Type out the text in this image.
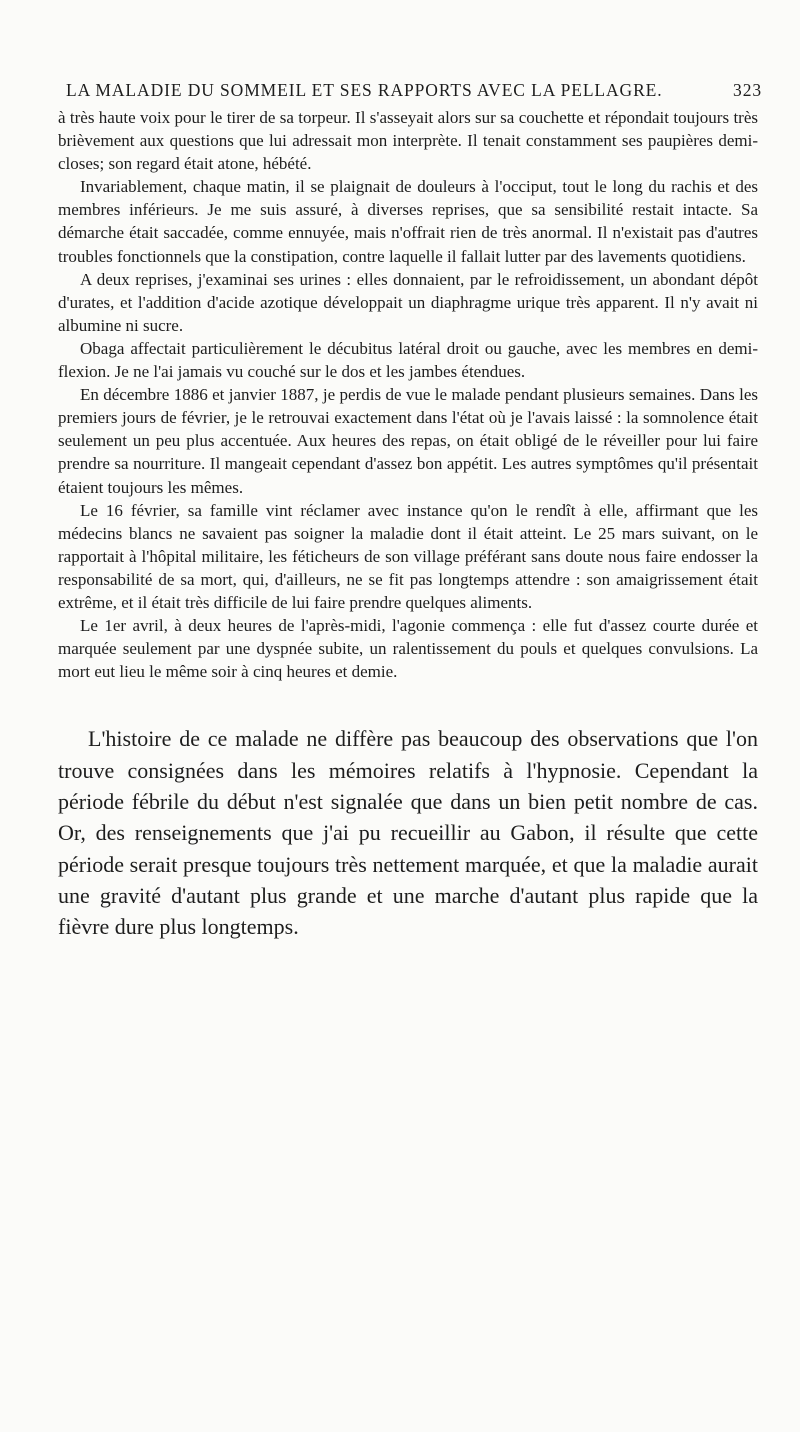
LA MALADIE DU SOMMEIL ET SES RAPPORTS AVEC LA PELLAGRE.	323

à très haute voix pour le tirer de sa torpeur. Il s'asseyait alors sur sa couchette et répondait toujours très brièvement aux questions que lui adressait mon interprète. Il tenait constamment ses paupières demi-closes; son regard était atone, hébété.

Invariablement, chaque matin, il se plaignait de douleurs à l'occiput, tout le long du rachis et des membres inférieurs. Je me suis assuré, à diverses reprises, que sa sensibilité restait intacte. Sa démarche était saccadée, comme ennuyée, mais n'offrait rien de très anormal. Il n'existait pas d'autres troubles fonctionnels que la constipation, contre laquelle il fallait lutter par des lavements quotidiens.

A deux reprises, j'examinai ses urines : elles donnaient, par le refroidissement, un abondant dépôt d'urates, et l'addition d'acide azotique développait un diaphragme urique très apparent. Il n'y avait ni albumine ni sucre.

Obaga affectait particulièrement le décubitus latéral droit ou gauche, avec les membres en demi-flexion. Je ne l'ai jamais vu couché sur le dos et les jambes étendues.

En décembre 1886 et janvier 1887, je perdis de vue le malade pendant plusieurs semaines. Dans les premiers jours de février, je le retrouvai exactement dans l'état où je l'avais laissé : la somnolence était seulement un peu plus accentuée. Aux heures des repas, on était obligé de le réveiller pour lui faire prendre sa nourriture. Il mangeait cependant d'assez bon appétit. Les autres symptômes qu'il présentait étaient toujours les mêmes.

Le 16 février, sa famille vint réclamer avec instance qu'on le rendît à elle, affirmant que les médecins blancs ne savaient pas soigner la maladie dont il était atteint. Le 25 mars suivant, on le rapportait à l'hôpital militaire, les féticheurs de son village préférant sans doute nous faire endosser la responsabilité de sa mort, qui, d'ailleurs, ne se fit pas longtemps attendre : son amaigrissement était extrême, et il était très difficile de lui faire prendre quelques aliments.

Le 1er avril, à deux heures de l'après-midi, l'agonie commença : elle fut d'assez courte durée et marquée seulement par une dyspnée subite, un ralentissement du pouls et quelques convulsions. La mort eut lieu le même soir à cinq heures et demie.

L'histoire de ce malade ne diffère pas beaucoup des observations que l'on trouve consignées dans les mémoires relatifs à l'hypnosie. Cependant la période fébrile du début n'est signalée que dans un bien petit nombre de cas. Or, des renseignements que j'ai pu recueillir au Gabon, il résulte que cette période serait presque toujours très nettement marquée, et que la maladie aurait une gravité d'autant plus grande et une marche d'autant plus rapide que la fièvre dure plus longtemps.
